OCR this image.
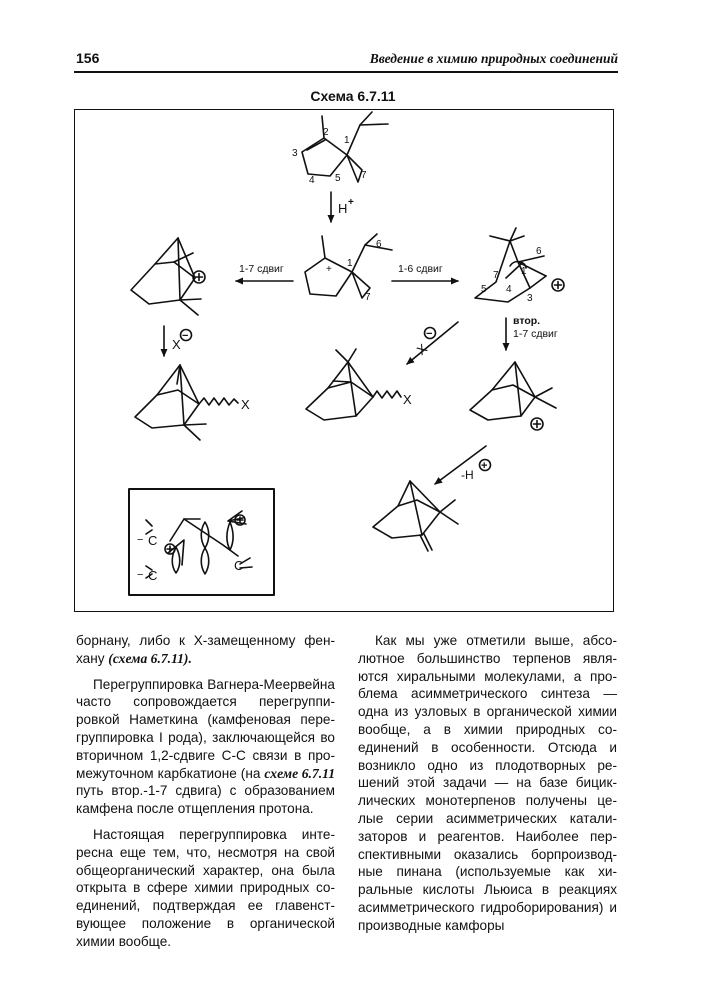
156	Введение в химию природных соединений
Схема 6.7.11
2
1
3
4 5 7
H +
+
6
1
7
1-7 сдвиг	1-6 сдвиг
6
1
7
4
5
3
X
−
X
−
втор.
1-7 сдвиг
X	X
-H
+
C
C
C
−
−

борнану, либо к X-замещенному фенхану (схема 6.7.11).

Перегруппировка Вагнера-Меервейна часто сопровождается перегруппировкой Наметкина (камфеновая перегруппировка I рода), заключающейся во вторичном 1,2-сдвиге C-C связи в промежуточном карбкатионе (на схеме 6.7.11 путь втор.-1-7 сдвига) с образованием камфена после отщепления протона.

Настоящая перегруппировка интересна еще тем, что, несмотря на свой общеорганический характер, она была открыта в сфере химии природных соединений, подтверждая ее главенствующее положение в органической химии вообще.

Как мы уже отметили выше, абсолютное большинство терпенов являются хиральными молекулами, а проблема асимметрического синтеза — одна из узловых в органической химии вообще, а в химии природных соединений в особенности. Отсюда и возникло одно из плодотворных решений этой задачи — на базе бициклических монотерпенов получены целые серии асимметрических катализаторов и реагентов. Наиболее перспективными оказались борпроизводные пинана (используемые как хиральные кислоты Льюиса в реакциях асимметрического гидроборирования) и производные камфоры
